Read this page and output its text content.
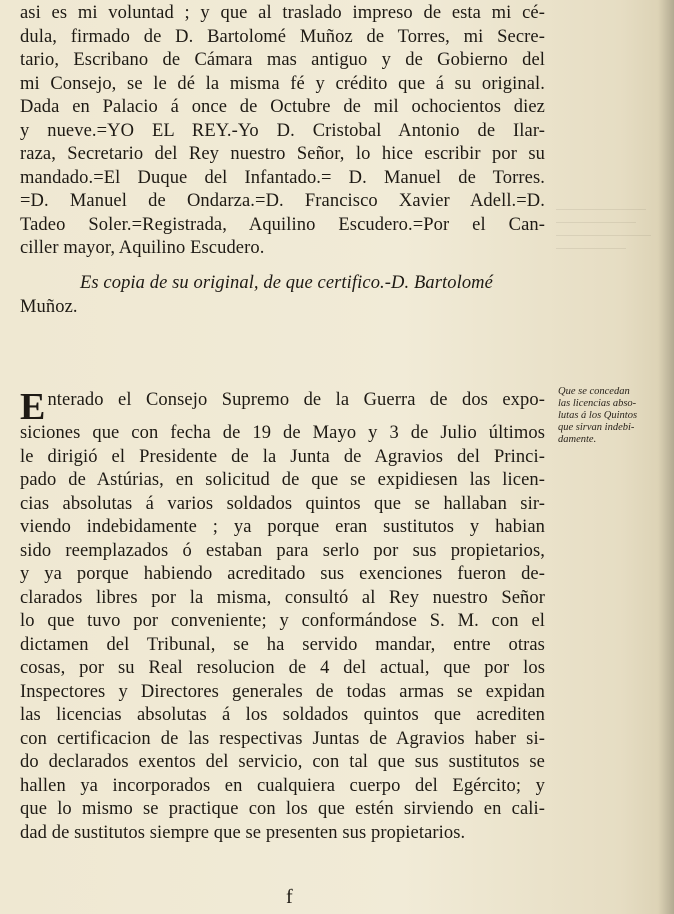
asi es mi voluntad ; y que al traslado impreso de esta mi cé-
dula, firmado de D. Bartolomé Muñoz de Torres, mi Secre-
tario, Escribano de Cámara mas antiguo y de Gobierno del
mi Consejo, se le dé la misma fé y crédito que á su original.
Dada en Palacio á once de Octubre de mil ochocientos diez
y nueve.=YO EL REY.-Yo D. Cristobal Antonio de Ilar-
raza, Secretario del Rey nuestro Señor, lo hice escribir por su
mandado.=El Duque del Infantado.= D. Manuel de Torres.
=D. Manuel de Ondarza.=D. Francisco Xavier Adell.=D.
Tadeo Soler.=Registrada, Aquilino Escudero.=Por el Can-
ciller mayor, Aquilino Escudero.
Es copia de su original, de que certifico.-D. Bartolomé
Muñoz.
Enterado el Consejo Supremo de la Guerra de dos expo-
siciones que con fecha de 19 de Mayo y 3 de Julio últimos
le dirigió el Presidente de la Junta de Agravios del Princi-
pado de Astúrias, en solicitud de que se expidiesen las licen-
cias absolutas á varios soldados quintos que se hallaban sir-
viendo indebidamente ; ya porque eran sustitutos y habian
sido reemplazados ó estaban para serlo por sus propietarios,
y ya porque habiendo acreditado sus exenciones fueron de-
clarados libres por la misma, consultó al Rey nuestro Señor
lo que tuvo por conveniente; y conformándose S. M. con el
dictamen del Tribunal, se ha servido mandar, entre otras
cosas, por su Real resolucion de 4 del actual, que por los
Inspectores y Directores generales de todas armas se expidan
las licencias absolutas á los soldados quintos que acrediten
con certificacion de las respectivas Juntas de Agravios haber si-
do declarados exentos del servicio, con tal que sus sustitutos se
hallen ya incorporados en cualquiera cuerpo del Egército; y
que lo mismo se practique con los que estén sirviendo en cali-
dad de sustitutos siempre que se presenten sus propietarios.
Que se concedan
las licencias abso-
lutas á los Quintos
que sirvan indebi-
damente.
f
